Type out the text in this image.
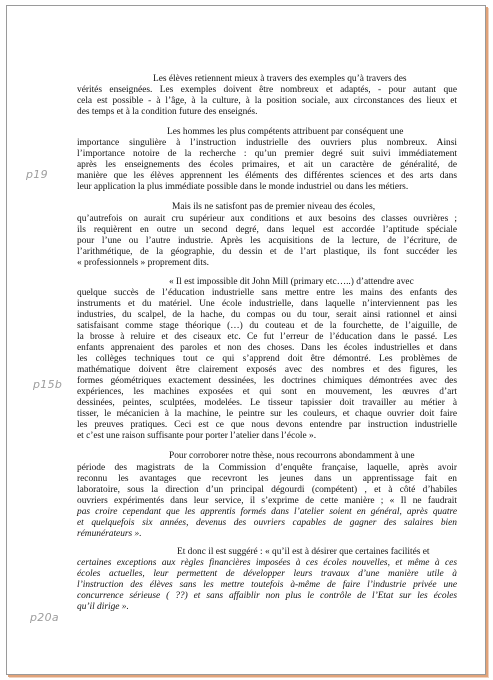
p19
p15b
p20a

Les élèves retiennent mieux à travers des exemples qu’à travers des
vérités enseignées. Les exemples doivent être nombreux et adaptés, - pour autant que
cela est possible - à l’âge, à la culture, à la position sociale, aux circonstances des lieux et
des temps et à la condition future des enseignés.

Les hommes les plus compétents attribuent par conséquent une
importance singulière à l’instruction industrielle des ouvriers plus nombreux. Ainsi
l’importance notoire de la recherche : qu’un premier degré suit suivi immédiatement
après les enseignements des écoles primaires, et ait un caractère de généralité, de
manière que les élèves apprennent les éléments des différentes sciences et des arts dans
leur application la plus immédiate possible dans le monde industriel ou dans les métiers.

Mais ils ne satisfont pas de premier niveau des écoles,
qu’autrefois on aurait cru supérieur aux conditions et aux besoins des classes ouvrières ;
ils requièrent en outre un second degré, dans lequel est accordée l’aptitude spéciale
pour l’une ou l’autre industrie. Après les acquisitions de la lecture, de l’écriture, de
l’arithmétique, de la géographie, du dessin et de l’art plastique, ils font succéder les
« professionnels » proprement dits.

« Il est impossible dit John Mill (primary etc…..) d’attendre avec
quelque succès de l’éducation industrielle sans mettre entre les mains des enfants des
instruments et du matériel. Une école industrielle, dans laquelle n’interviennent pas les
industries, du scalpel, de la hache, du compas ou du tour, serait ainsi rationnel et ainsi
satisfaisant comme stage théorique (…) du couteau et de la fourchette, de l’aiguille, de
la brosse à reluire et des ciseaux etc. Ce fut l’erreur de l’éducation dans le passé. Les
enfants apprenaient des paroles et non des choses. Dans les écoles industrielles et dans
les collèges techniques tout ce qui s’apprend doit être démontré. Les problèmes de
mathématique doivent être clairement exposés avec des nombres et des figures, les
formes géométriques exactement dessinées, les doctrines chimiques démontrées avec des
expériences, les machines exposées et qui sont en mouvement, les œuvres d’art
dessinées, peintes, sculptées, modelées. Le tisseur tapissier doit travailler au métier à
tisser, le mécanicien à la machine, le peintre sur les couleurs, et chaque ouvrier doit faire
les preuves pratiques. Ceci est ce que nous devons entendre par instruction industrielle
et c’est une raison suffisante pour porter l’atelier dans l’école ».

Pour corroborer notre thèse, nous recourrons abondamment à une
période des magistrats de la Commission d’enquête française, laquelle, après avoir
reconnu les avantages que recevront les jeunes dans un apprentissage fait en
laboratoire, sous la direction d’un principal dégourdi (compétent) , et à côté d’habiles
ouvriers expérimentés dans leur service, il s’exprime de cette manière ; « Il ne faudrait
pas croire cependant que les apprentis formés dans l’atelier soient en général, après quatre
et quelquefois six années, devenus des ouvriers capables de gagner des salaires bien
rémunérateurs ».

Et donc il est suggéré : « qu’il est à désirer que certaines facilités et
certaines exceptions aux règles financières imposées à ces écoles nouvelles, et même à ces
écoles actuelles, leur permettent de développer leurs travaux d’une manière utile à
l’instruction des élèves sans les mettre toutefois à-même de faire l’industrie privée une
concurrence sérieuse ( ??) et sans affaiblir non plus le contrôle de l’Etat sur les écoles
qu’il dirige ».
